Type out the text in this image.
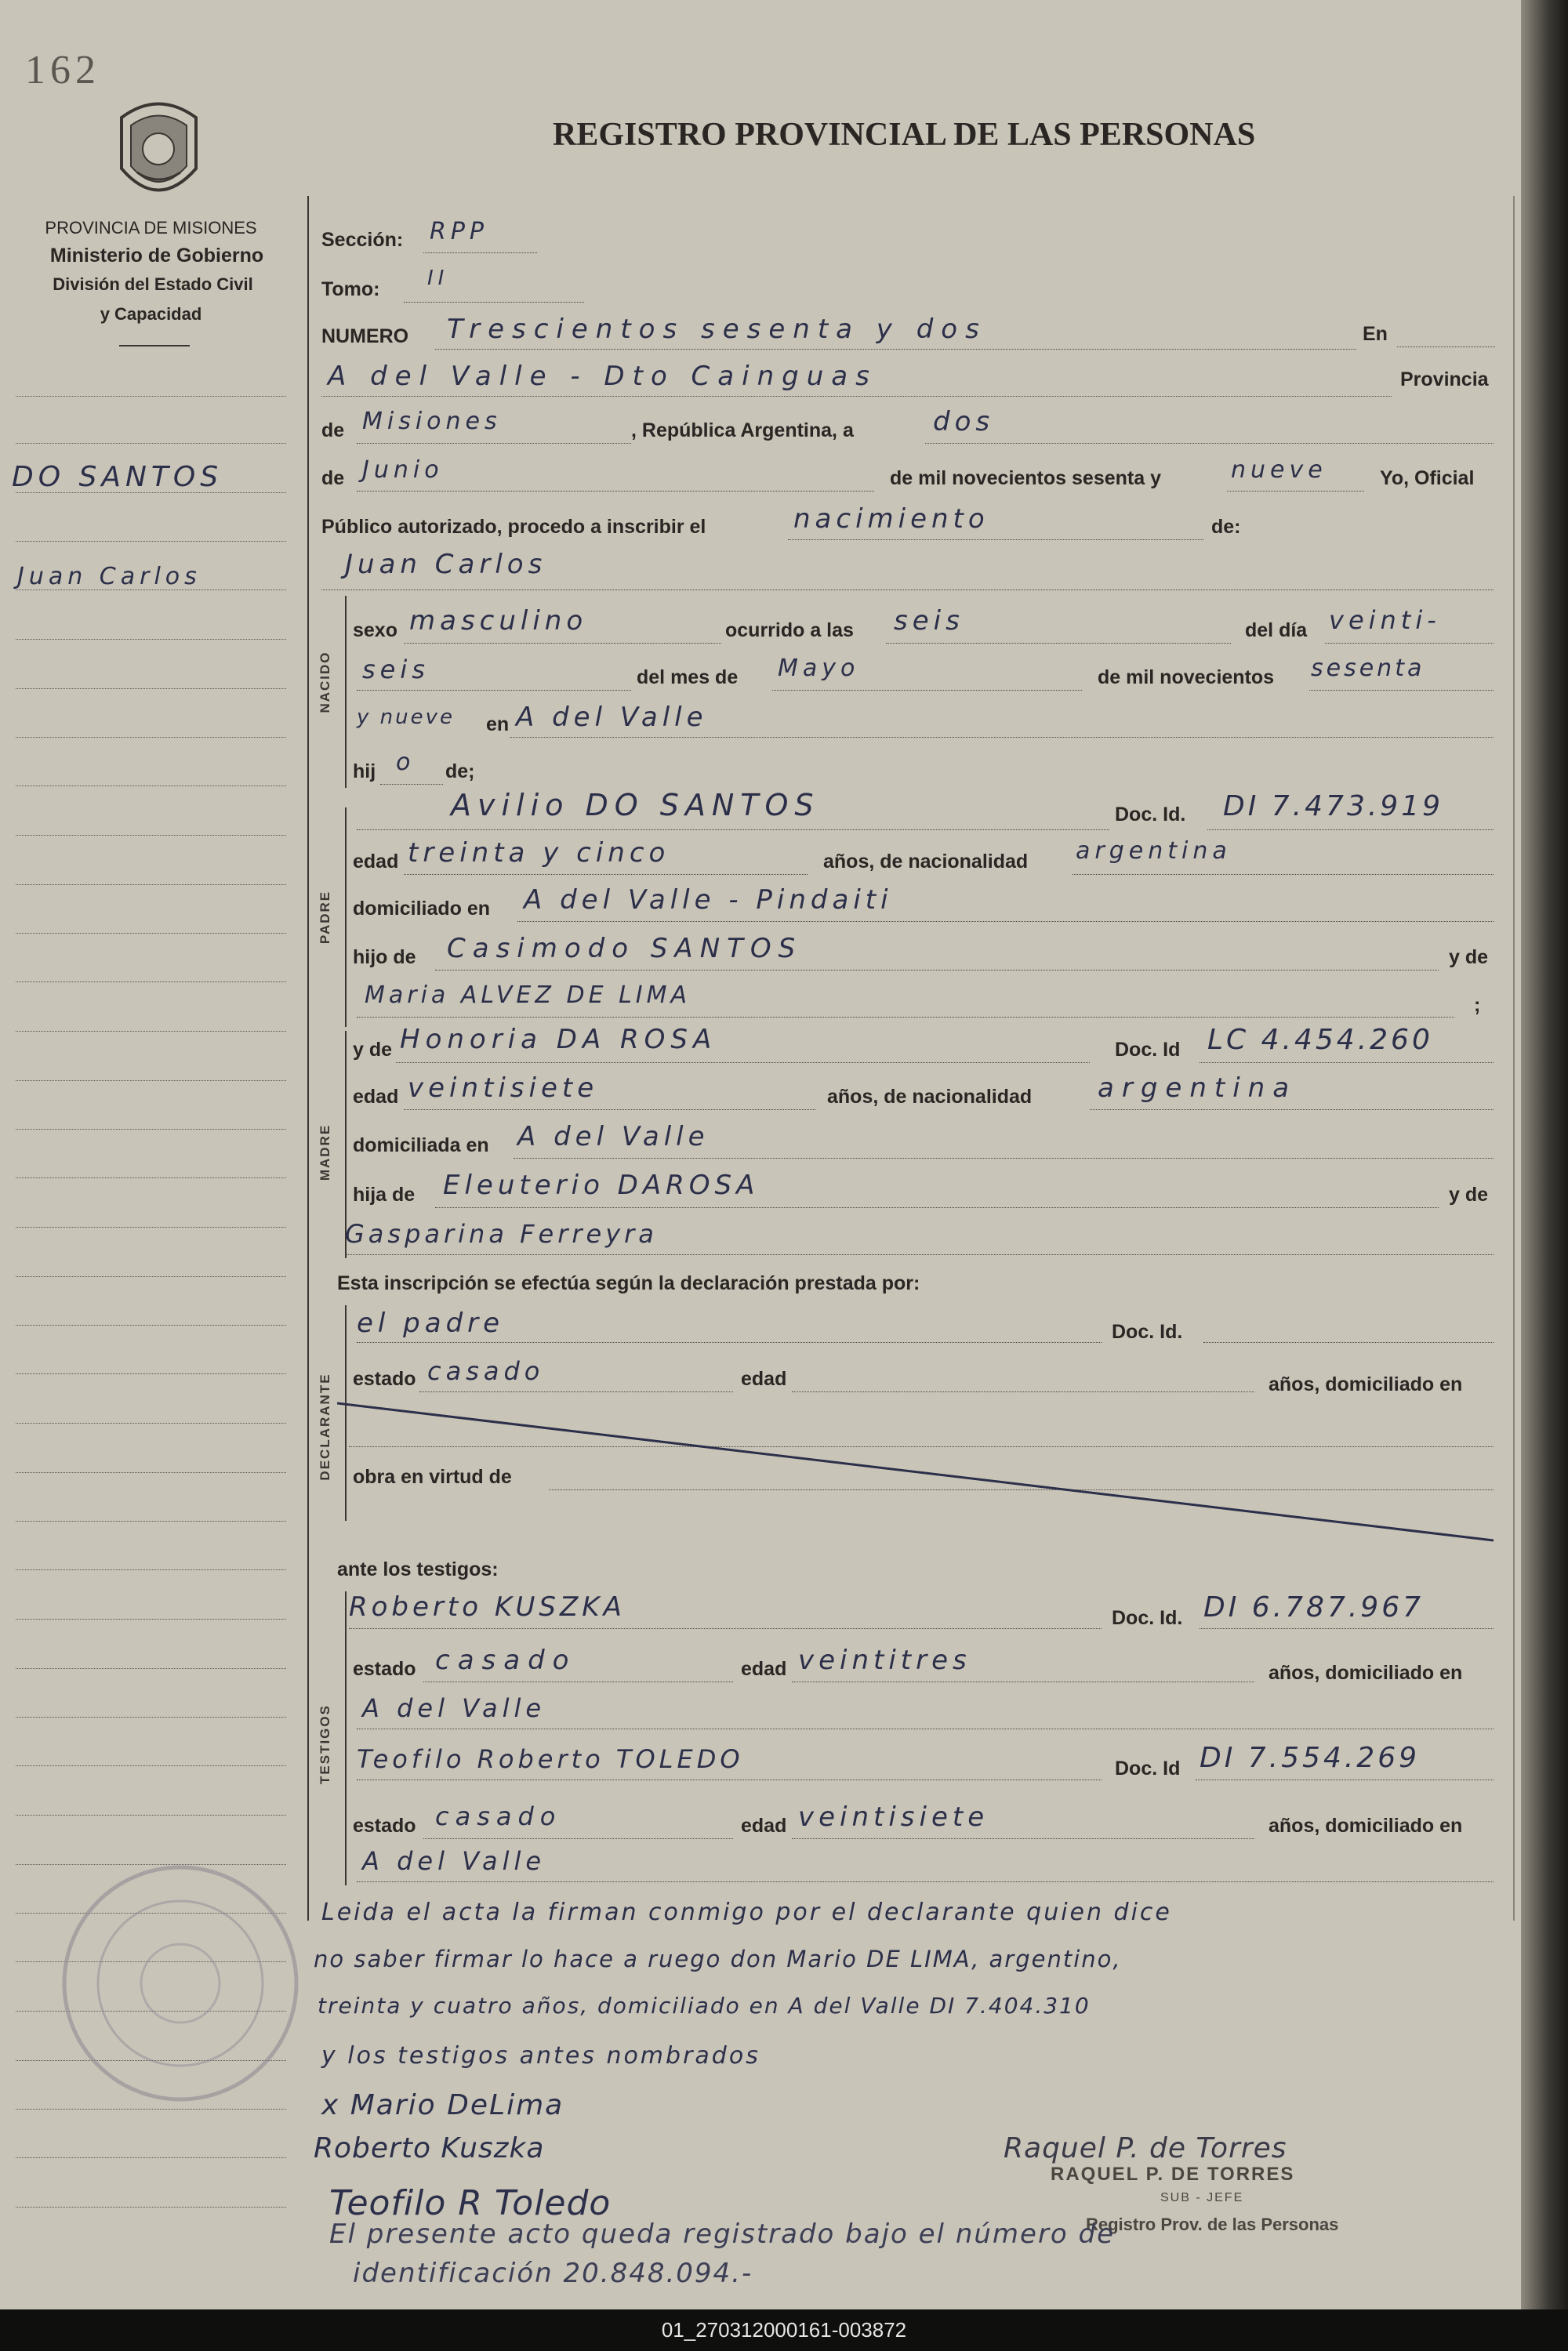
162
REGISTRO PROVINCIAL DE LAS PERSONAS
PROVINCIA DE MISIONES
Ministerio de Gobierno
División del Estado Civil
y Capacidad
DO SANTOS
Juan Carlos
Sección: RPP
Tomo: II
NUMERO Trescientos sesenta y dos	En
A del Valle - Dto Cainguas	Provincia
de Misiones	, República Argentina, a	dos
de Junio	de mil novecientos sesenta y	nueve	Yo, Oficial
Público autorizado, procedo a inscribir el	nacimiento	de:
Juan Carlos
NACIDO
sexo masculino	ocurrido a las seis	del día veinti-
seis	del mes de Mayo	de mil novecientos sesenta
y nueve en A del Valle
hij o de;
PADRE
Avilio DO SANTOS	Doc. Id. DI 7.473.919
edad treinta y cinco	años, de nacionalidad argentina
domiciliado en A del Valle - Pindaiti
hijo de Casimodo SANTOS	y de
Maria ALVEZ DE LIMA	;
MADRE
y de Honoria DA ROSA	Doc. Id LC 4.454.260
edad veintisiete	años, de nacionalidad argentina
domiciliada en A del Valle
hija de Eleuterio DAROSA	y de
Gasparina Ferreyra
Esta inscripción se efectúa según la declaración prestada por:
DECLARANTE
el padre	Doc. Id.
estado casado	edad	años, domiciliado en
obra en virtud de
ante los testigos:
TESTIGOS
Roberto KUSZKA	Doc. Id. DI 6.787.967
estado casado	edad veintitres	años, domiciliado en
A del Valle
Teofilo Roberto TOLEDO	Doc. Id DI 7.554.269
estado casado	edad veintisiete	años, domiciliado en
A del Valle
Leida el acta la firman conmigo por el declarante quien dice
no saber firmar lo hace a ruego don Mario DE LIMA, argentino,
treinta y cuatro años, domiciliado en A del Valle DI 7.404.310
y los testigos antes nombrados
x Mario DeLima
Roberto Kuszka
Teofilo R Toledo
Raquel P. de Torres
RAQUEL P. DE TORRES
SUB - JEFE
Registro Prov. de las Personas
El presente acto queda registrado bajo el número de
identificación 20.848.094.-
01_270312000161-003872
